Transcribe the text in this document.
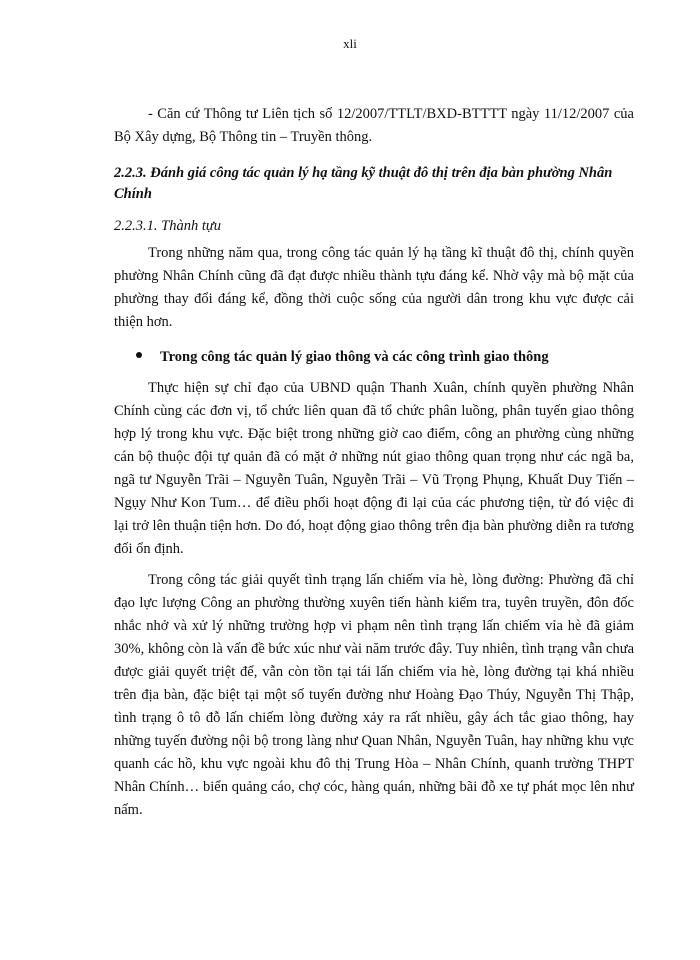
xli

- Căn cứ Thông tư Liên tịch số 12/2007/TTLT/BXD-BTTTT ngày 11/12/2007 của Bộ Xây dựng, Bộ Thông tin – Truyền thông.

2.2.3. Đánh giá công tác quản lý hạ tầng kỹ thuật đô thị trên địa bàn phường Nhân Chính

2.2.3.1. Thành tựu

Trong những năm qua, trong công tác quản lý hạ tầng kĩ thuật đô thị, chính quyền phường Nhân Chính cũng đã đạt được nhiều thành tựu đáng kể. Nhờ vậy mà bộ mặt của phường thay đổi đáng kể, đồng thời cuộc sống của người dân trong khu vực được cải thiện hơn.

Trong công tác quản lý giao thông và các công trình giao thông

Thực hiện sự chỉ đạo của UBND quận Thanh Xuân, chính quyền phường Nhân Chính cùng các đơn vị, tổ chức liên quan đã tổ chức phân luồng, phân tuyến giao thông hợp lý trong khu vực. Đặc biệt trong những giờ cao điểm, công an phường cùng những cán bộ thuộc đội tự quản đã có mặt ở những nút giao thông quan trọng như các ngã ba, ngã tư Nguyễn Trãi – Nguyễn Tuân, Nguyễn Trãi – Vũ Trọng Phụng, Khuất Duy Tiến – Ngụy Như Kon Tum… để điều phối hoạt động đi lại của các phương tiện, từ đó việc đi lại trở lên thuận tiện hơn. Do đó, hoạt động giao thông trên địa bàn phường diễn ra tương đối ổn định.

Trong công tác giải quyết tình trạng lấn chiếm vỉa hè, lòng đường: Phường đã chỉ đạo lực lượng Công an phường thường xuyên tiến hành kiểm tra, tuyên truyền, đôn đốc nhắc nhở và xử lý những trường hợp vi phạm nên tình trạng lấn chiếm vỉa hè đã giảm 30%, không còn là vấn đề bức xúc như vài năm trước đây. Tuy nhiên, tình trạng vẫn chưa được giải quyết triệt để, vẫn còn tồn tại tái lấn chiếm vỉa hè, lòng đường tại khá nhiều trên địa bàn, đặc biệt tại một số tuyến đường như Hoàng Đạo Thúy, Nguyễn Thị Thập, tình trạng ô tô đỗ lấn chiếm lòng đường xảy ra rất nhiều, gây ách tắc giao thông, hay những tuyến đường nội bộ trong làng như Quan Nhân, Nguyễn Tuân, hay những khu vực quanh các hồ, khu vực ngoài khu đô thị Trung Hòa – Nhân Chính, quanh trường THPT Nhân Chính… biển quảng cáo, chợ cóc, hàng quán, những bãi đỗ xe tự phát mọc lên như nấm.
